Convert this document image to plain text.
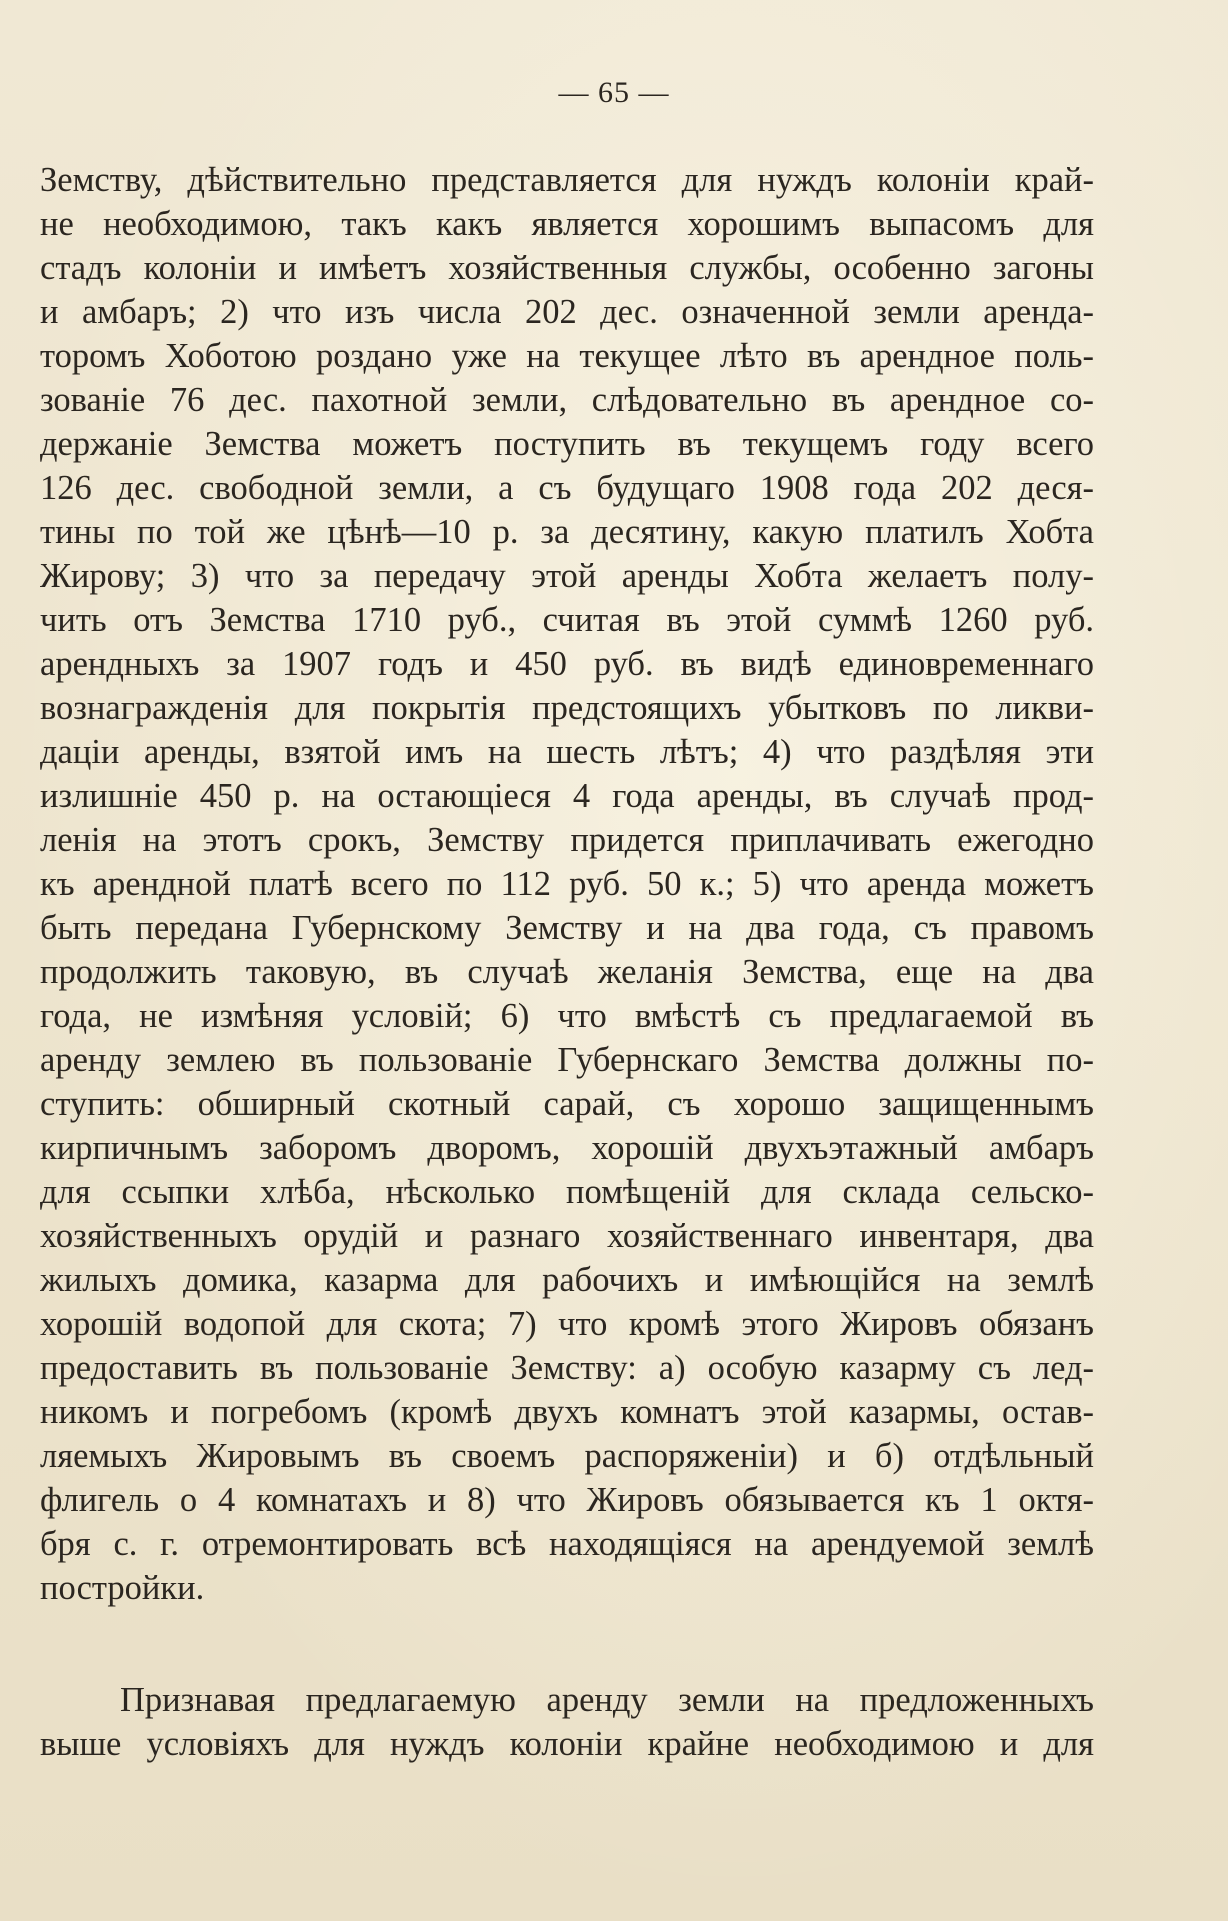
— 65 —
Земству, дѣйствительно представляется для нуждъ колоніи край-
не необходимою, такъ какъ является хорошимъ выпасомъ для
стадъ колоніи и имѣетъ хозяйственныя службы, особенно загоны
и амбаръ; 2) что изъ числа 202 дес. означенной земли аренда-
торомъ Хоботою роздано уже на текущее лѣто въ арендное поль-
зованіе 76 дес. пахотной земли, слѣдовательно въ арендное со-
держаніе Земства можетъ поступить въ текущемъ году всего
126 дес. свободной земли, а съ будущаго 1908 года 202 деся-
тины по той же цѣнѣ—10 р. за десятину, какую платилъ Хобта
Жирову; 3) что за передачу этой аренды Хобта желаетъ полу-
чить отъ Земства 1710 руб., считая въ этой суммѣ 1260 руб.
арендныхъ за 1907 годъ и 450 руб. въ видѣ единовременнаго
вознагражденія для покрытія предстоящихъ убытковъ по ликви-
даціи аренды, взятой имъ на шесть лѣтъ; 4) что раздѣляя эти
излишніе 450 р. на остающіеся 4 года аренды, въ случаѣ прод-
ленія на этотъ срокъ, Земству придется приплачивать ежегодно
къ арендной платѣ всего по 112 руб. 50 к.; 5) что аренда можетъ
быть передана Губернскому Земству и на два года, съ правомъ
продолжить таковую, въ случаѣ желанія Земства, еще на два
года, не измѣняя условій; 6) что вмѣстѣ съ предлагаемой въ
аренду землею въ пользованіе Губернскаго Земства должны по-
ступить: обширный скотный сарай, съ хорошо защищеннымъ
кирпичнымъ заборомъ дворомъ, хорошій двухъэтажный амбаръ
для ссыпки хлѣба, нѣсколько помѣщеній для склада сельско-
хозяйственныхъ орудій и разнаго хозяйственнаго инвентаря, два
жилыхъ домика, казарма для рабочихъ и имѣющійся на землѣ
хорошій водопой для скота; 7) что кромѣ этого Жировъ обязанъ
предоставить въ пользованіе Земству: а) особую казарму съ лед-
никомъ и погребомъ (кромѣ двухъ комнатъ этой казармы, остав-
ляемыхъ Жировымъ въ своемъ распоряженіи) и б) отдѣльный
флигель о 4 комнатахъ и 8) что Жировъ обязывается къ 1 октя-
бря с. г. отремонтировать всѣ находящіяся на арендуемой землѣ
постройки.
Признавая предлагаемую аренду земли на предложенныхъ
выше условіяхъ для нуждъ колоніи крайне необходимою и для
